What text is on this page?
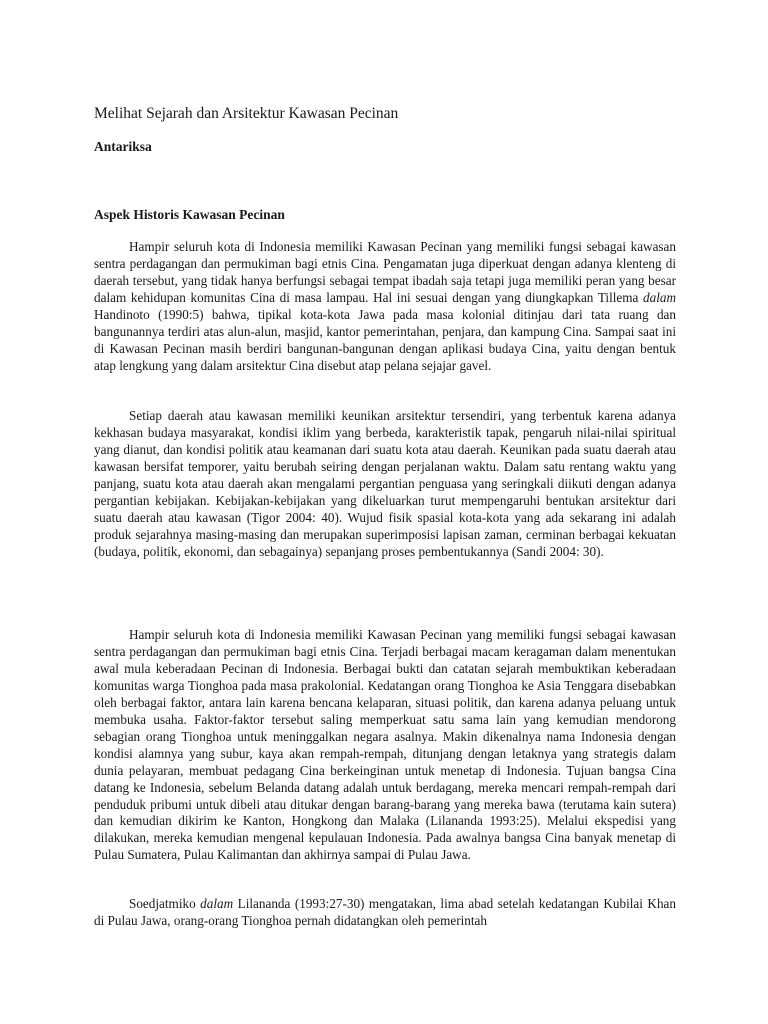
Melihat Sejarah dan Arsitektur Kawasan Pecinan

Antariksa

Aspek Historis Kawasan Pecinan

Hampir seluruh kota di Indonesia memiliki Kawasan Pecinan yang memiliki fungsi sebagai kawasan sentra perdagangan dan permukiman bagi etnis Cina. Pengamatan juga diperkuat dengan adanya klenteng di daerah tersebut, yang tidak hanya berfungsi sebagai tempat ibadah saja tetapi juga memiliki peran yang besar dalam kehidupan komunitas Cina di masa lampau. Hal ini sesuai dengan yang diungkapkan Tillema dalam Handinoto (1990:5) bahwa, tipikal kota-kota Jawa pada masa kolonial ditinjau dari tata ruang dan bangunannya terdiri atas alun-alun, masjid, kantor pemerintahan, penjara, dan kampung Cina. Sampai saat ini di Kawasan Pecinan masih berdiri bangunan-bangunan dengan aplikasi budaya Cina, yaitu dengan bentuk atap lengkung yang dalam arsitektur Cina disebut atap pelana sejajar gavel.

Setiap daerah atau kawasan memiliki keunikan arsitektur tersendiri, yang terbentuk karena adanya kekhasan budaya masyarakat, kondisi iklim yang berbeda, karakteristik tapak, pengaruh nilai-nilai spiritual yang dianut, dan kondisi politik atau keamanan dari suatu kota atau daerah. Keunikan pada suatu daerah atau kawasan bersifat temporer, yaitu berubah seiring dengan perjalanan waktu. Dalam satu rentang waktu yang panjang, suatu kota atau daerah akan mengalami pergantian penguasa yang seringkali diikuti dengan adanya pergantian kebijakan. Kebijakan-kebijakan yang dikeluarkan turut mempengaruhi bentukan arsitektur dari suatu daerah atau kawasan (Tigor 2004: 40). Wujud fisik spasial kota-kota yang ada sekarang ini adalah produk sejarahnya masing-masing dan merupakan superimposisi lapisan zaman, cerminan berbagai kekuatan (budaya, politik, ekonomi, dan sebagainya) sepanjang proses pembentukannya (Sandi 2004: 30).

Hampir seluruh kota di Indonesia memiliki Kawasan Pecinan yang memiliki fungsi sebagai kawasan sentra perdagangan dan permukiman bagi etnis Cina. Terjadi berbagai macam keragaman dalam menentukan awal mula keberadaan Pecinan di Indonesia. Berbagai bukti dan catatan sejarah membuktikan keberadaan komunitas warga Tionghoa pada masa prakolonial. Kedatangan orang Tionghoa ke Asia Tenggara disebabkan oleh berbagai faktor, antara lain karena bencana kelaparan, situasi politik, dan karena adanya peluang untuk membuka usaha. Faktor-faktor tersebut saling memperkuat satu sama lain yang kemudian mendorong sebagian orang Tionghoa untuk meninggalkan negara asalnya. Makin dikenalnya nama Indonesia dengan kondisi alamnya yang subur, kaya akan rempah-rempah, ditunjang dengan letaknya yang strategis dalam dunia pelayaran, membuat pedagang Cina berkeinginan untuk menetap di Indonesia. Tujuan bangsa Cina datang ke Indonesia, sebelum Belanda datang adalah untuk berdagang, mereka mencari rempah-rempah dari penduduk pribumi untuk dibeli atau ditukar dengan barang-barang yang mereka bawa (terutama kain sutera) dan kemudian dikirim ke Kanton, Hongkong dan Malaka (Lilananda 1993:25). Melalui ekspedisi yang dilakukan, mereka kemudian mengenal kepulauan Indonesia. Pada awalnya bangsa Cina banyak menetap di Pulau Sumatera, Pulau Kalimantan dan akhirnya sampai di Pulau Jawa.

Soedjatmiko dalam Lilananda (1993:27-30) mengatakan, lima abad setelah kedatangan Kubilai Khan di Pulau Jawa, orang-orang Tionghoa pernah didatangkan oleh pemerintah
